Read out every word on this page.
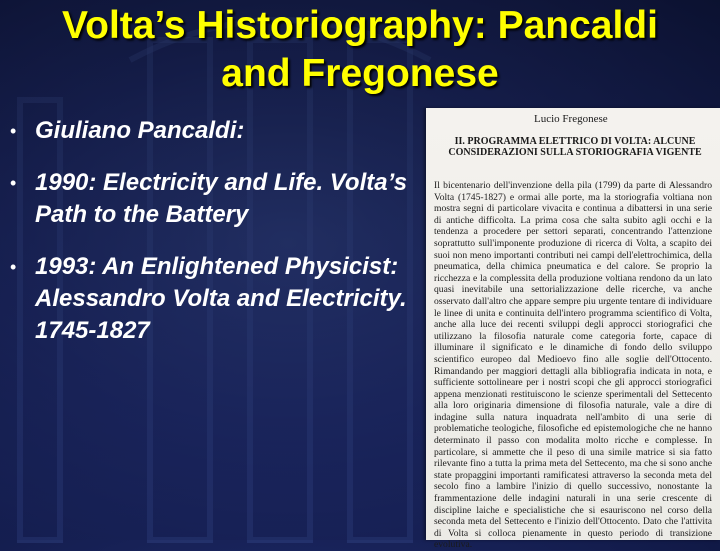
Volta’s Historiography: Pancaldi
and Fregonese
• Giuliano Pancaldi:
• 1990: Electricity and Life. Volta’s Path to the Battery
• 1993: An Enlightened Physicist: Alessandro Volta and Electricity. 1745-1827
Lucio Fregonese
II. PROGRAMMA ELETTRICO DI VOLTA: ALCUNE CONSIDERAZIONI SULLA STORIOGRAFIA VIGENTE
Il bicentenario dell'invenzione della pila (1799) da parte di Alessandro Volta (1745-1827) e ormai alle porte, ma la storiografia voltiana non mostra segni di particolare vivacita e continua a dibattersi in una serie di antiche difficolta. La prima cosa che salta subito agli occhi e la tendenza a procedere per settori separati, concentrando l'attenzione soprattutto sull'imponente produzione di ricerca di Volta, a scapito dei suoi non meno importanti contributi nei campi dell'elettrochimica, della pneumatica, della chimica pneumatica e del calore. Se proprio la ricchezza e la complessita della produzione voltiana rendono da un lato quasi inevitabile una settorializzazione delle ricerche, va anche osservato dall'altro che appare sempre piu urgente tentare di individuare le linee di unita e continuita dell'intero programma scientifico di Volta, anche alla luce dei recenti sviluppi degli approcci storiografici che utilizzano la filosofia naturale come categoria forte, capace di illuminare il significato e le dinamiche di fondo dello sviluppo scientifico europeo dal Medioevo fino alle soglie dell'Ottocento. Rimandando per maggiori dettagli alla bibliografia indicata in nota, e sufficiente sottolineare per i nostri scopi che gli approcci storiografici appena menzionati restituiscono le scienze sperimentali del Settecento alla loro originaria dimensione di filosofia naturale, vale a dire di indagine sulla natura inquadrata nell'ambito di una serie di problematiche teologiche, filosofiche ed epistemologiche che ne hanno determinato il passo con modalita molto ricche e complesse. In particolare, si ammette che il peso di una simile matrice si sia fatto rilevante fino a tutta la prima meta del Settecento, ma che si sono anche state propaggini importanti ramificatesi attraverso la seconda meta del secolo fino a lambire l'inizio di quello successivo, nonostante la frammentazione delle indagini naturali in una serie crescente di discipline laiche e specialistiche che si esauriscono nel corso della seconda meta del Settecento e l'inizio dell'Ottocento. Dato che l'attivita di Volta si colloca pienamente in questo periodo di transizione evolutiva.
